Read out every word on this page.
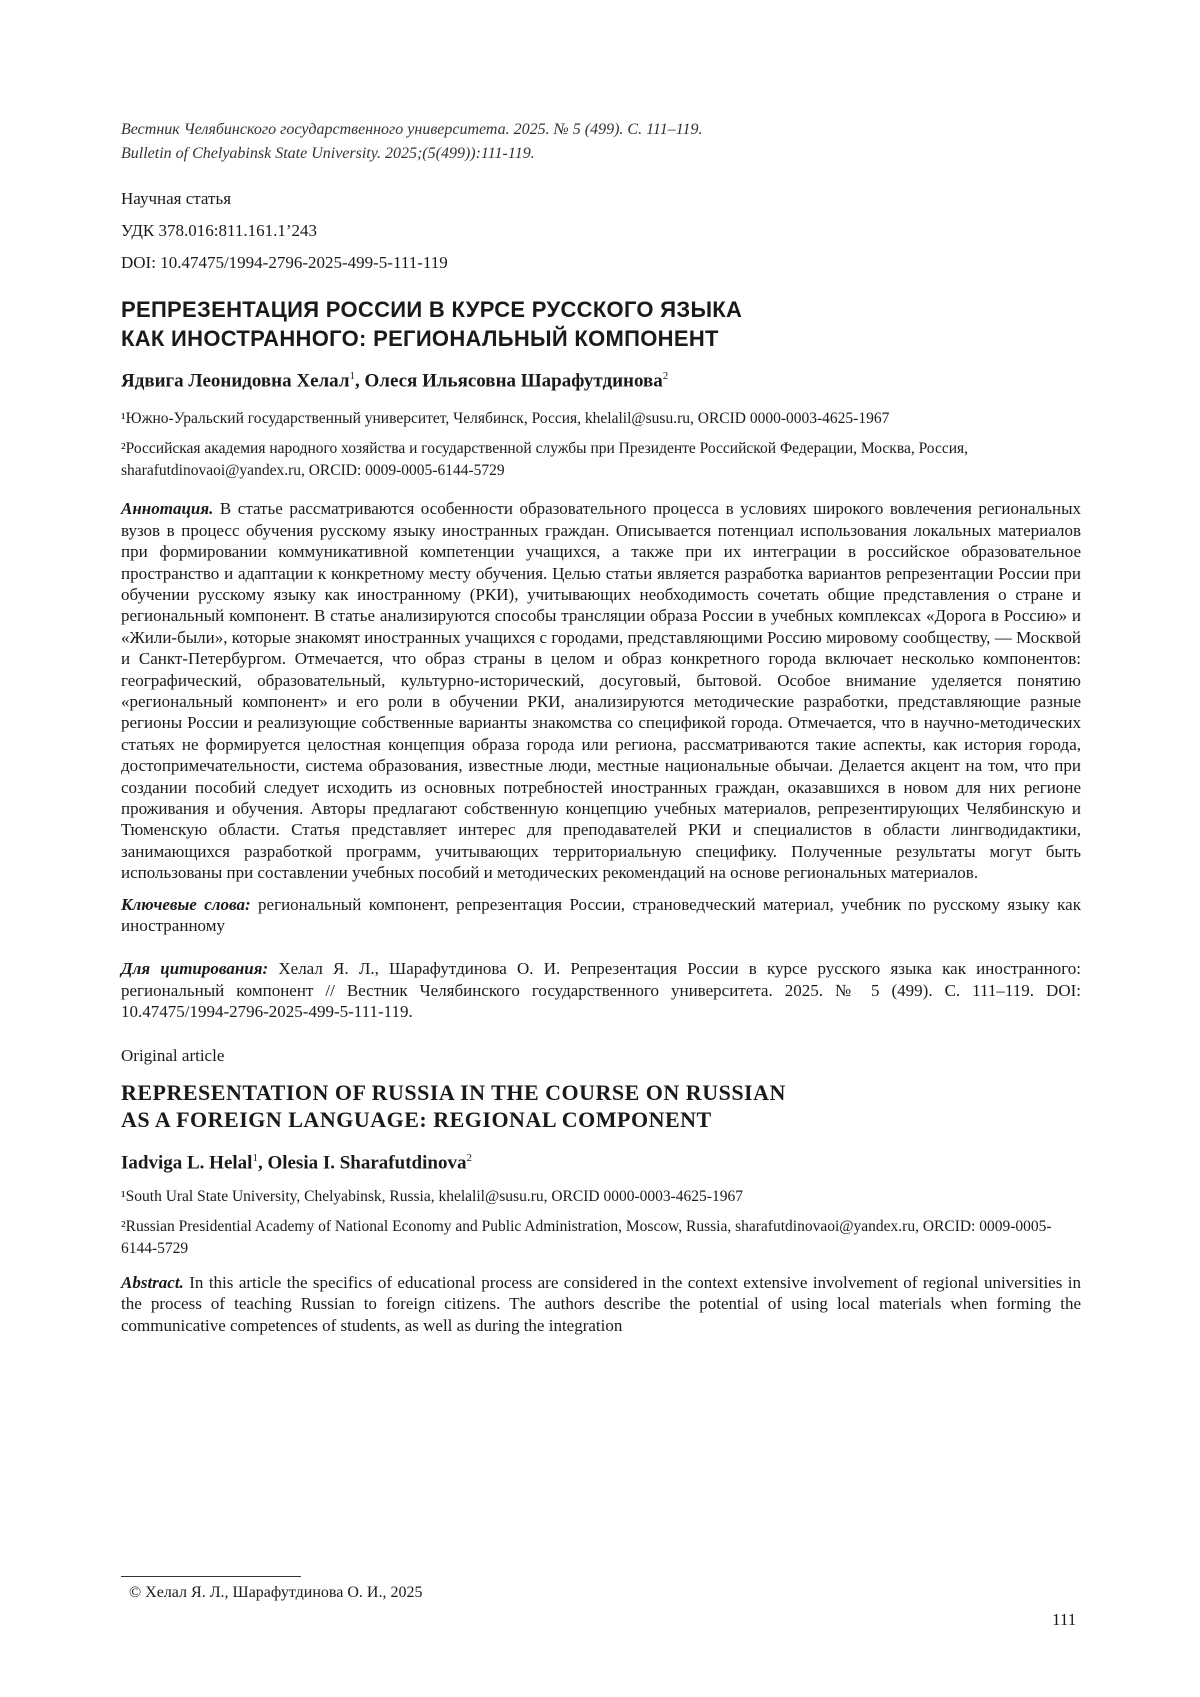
Вестник Челябинского государственного университета. 2025. № 5 (499). С. 111–119.
Bulletin of Chelyabinsk State University. 2025;(5(499)):111-119.
Научная статья
УДК 378.016:811.161.1’243
DOI: 10.47475/1994-2796-2025-499-5-111-119
РЕПРЕЗЕНТАЦИЯ РОССИИ В КУРСЕ РУССКОГО ЯЗЫКА
КАК ИНОСТРАННОГО: РЕГИОНАЛЬНЫЙ КОМПОНЕНТ
Ядвига Леонидовна Хелал$^1$, Олеся Ильясовна Шарафутдинова$^2$
¹Южно-Уральский государственный университет, Челябинск, Россия, khelalil@susu.ru, ORCID 0000-0003-4625-1967
²Российская академия народного хозяйства и государственной службы при Президенте Российской Федерации, Москва, Россия, sharafutdinovaoi@yandex.ru, ORCID: 0009-0005-6144-5729

Аннотация. В статье рассматриваются особенности образовательного процесса в условиях широкого вовлечения региональных вузов в процесс обучения русскому языку иностранных граждан. Описывается потенциал использования локальных материалов при формировании коммуникативной компетенции учащихся, а также при их интеграции в российское образовательное пространство и адаптации к конкретному месту обучения. Целью статьи является разработка вариантов репрезентации России при обучении русскому языку как иностранному (РКИ), учитывающих необходимость сочетать общие представления о стране и региональный компонент. В статье анализируются способы трансляции образа России в учебных комплексах «Дорога в Россию» и «Жили-были», которые знакомят иностранных учащихся с городами, представляющими Россию мировому сообществу, — Москвой и Санкт-Петербургом. Отмечается, что образ страны в целом и образ конкретного города включает несколько компонентов: географический, образовательный, культурно-исторический, досуговый, бытовой. Особое внимание уделяется понятию «региональный компонент» и его роли в обучении РКИ, анализируются методические разработки, представляющие разные регионы России и реализующие собственные варианты знакомства со спецификой города. Отмечается, что в научно-методических статьях не формируется целостная концепция образа города или региона, рассматриваются такие аспекты, как история города, достопримечательности, система образования, известные люди, местные национальные обычаи. Делается акцент на том, что при создании пособий следует исходить из основных потребностей иностранных граждан, оказавшихся в новом для них регионе проживания и обучения. Авторы предлагают собственную концепцию учебных материалов, репрезентирующих Челябинскую и Тюменскую области. Статья представляет интерес для преподавателей РКИ и специалистов в области лингводидактики, занимающихся разработкой программ, учитывающих территориальную специфику. Полученные результаты могут быть использованы при составлении учебных пособий и методических рекомендаций на основе региональных материалов.

Ключевые слова: региональный компонент, репрезентация России, страноведческий материал, учебник по русскому языку как иностранному

Для цитирования: Хелал Я. Л., Шарафутдинова О. И. Репрезентация России в курсе русского языка как иностранного: региональный компонент // Вестник Челябинского государственного университета. 2025. № 5 (499). С. 111–119. DOI: 10.47475/1994-2796-2025-499-5-111-119.

Original article
REPRESENTATION OF RUSSIA IN THE COURSE ON RUSSIAN
AS A FOREIGN LANGUAGE: REGIONAL COMPONENT
Iadviga L. Helal$^1$, Olesia I. Sharafutdinova$^2$
¹South Ural State University, Chelyabinsk, Russia, khelalil@susu.ru, ORCID 0000-0003-4625-1967
²Russian Presidential Academy of National Economy and Public Administration, Moscow, Russia, sharafutdinovaoi@yandex.ru, ORCID: 0009-0005-6144-5729

Abstract. In this article the specifics of educational process are considered in the context extensive involvement of regional universities in the process of teaching Russian to foreign citizens. The authors describe the potential of using local materials when forming the communicative competences of students, as well as during the integration

© Хелал Я. Л., Шарафутдинова О. И., 2025
111
